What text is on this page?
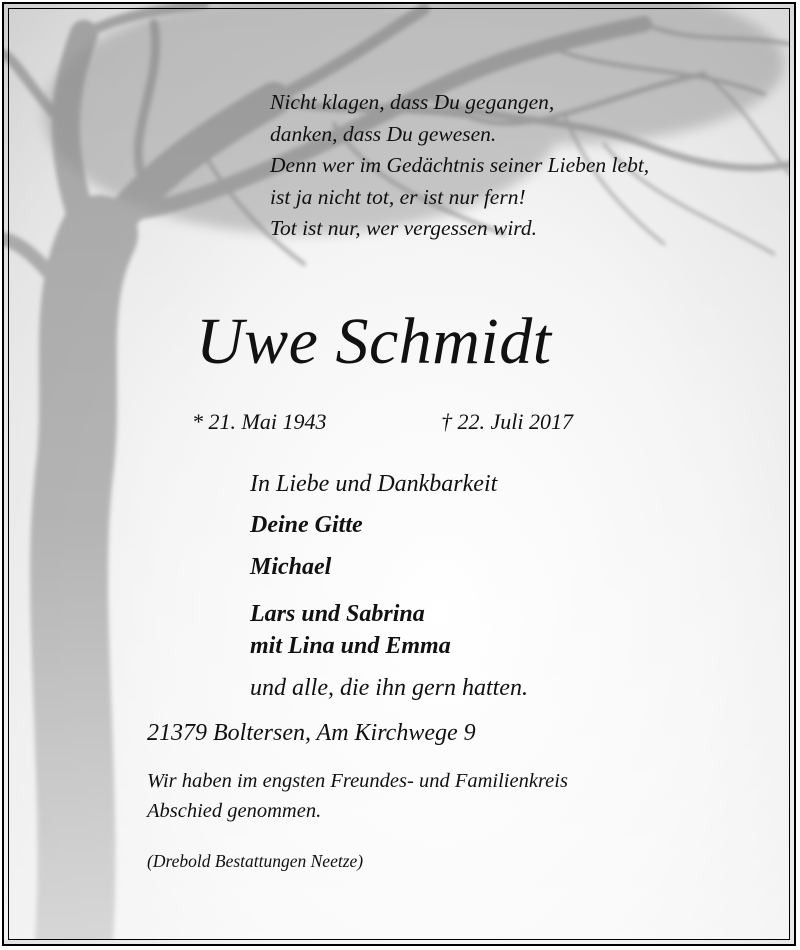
Nicht klagen, dass Du gegangen,
danken, dass Du gewesen.
Denn wer im Gedächtnis seiner Lieben lebt,
ist ja nicht tot, er ist nur fern!
Tot ist nur, wer vergessen wird.
Uwe Schmidt
* 21. Mai 1943	† 22. Juli 2017
In Liebe und Dankbarkeit
Deine Gitte
Michael
Lars und Sabrina
mit Lina und Emma
und alle, die ihn gern hatten.
21379 Boltersen, Am Kirchwege 9
Wir haben im engsten Freundes- und Familienkreis
Abschied genommen.
(Drebold Bestattungen Neetze)
